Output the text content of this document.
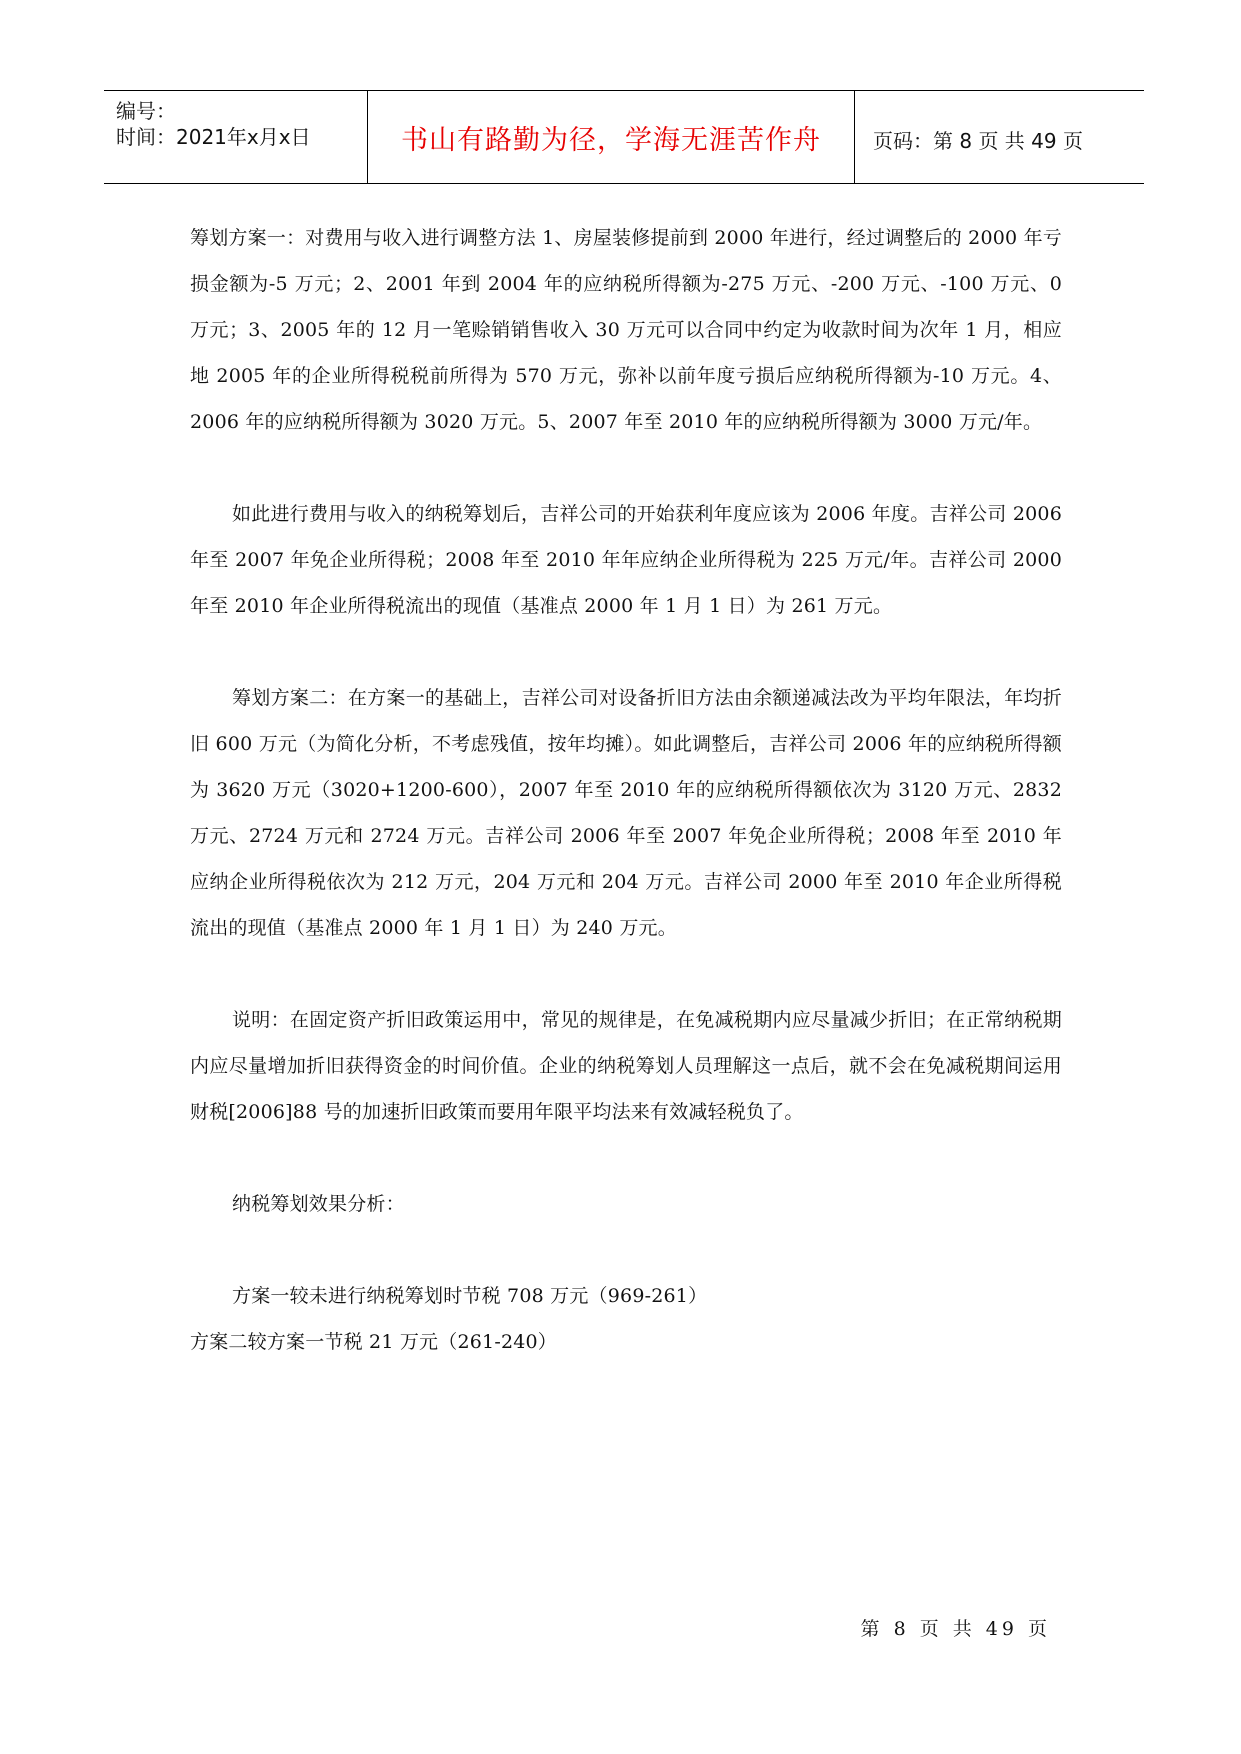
编号：
时间：2021年x月x日	书山有路勤为径，学海无涯苦作舟	页码：第 8 页 共 49 页

筹划方案一：对费用与收入进行调整方法 1、房屋装修提前到 2000 年进行，经过调整后的 2000 年亏损金额为-5 万元；2、2001 年到 2004 年的应纳税所得额为-275 万元、-200 万元、-100 万元、0 万元；3、2005 年的 12 月一笔赊销销售收入 30 万元可以合同中约定为收款时间为次年 1 月，相应地 2005 年的企业所得税税前所得为 570 万元，弥补以前年度亏损后应纳税所得额为-10 万元。4、2006 年的应纳税所得额为 3020 万元。5、2007 年至 2010 年的应纳税所得额为 3000 万元/年。

如此进行费用与收入的纳税筹划后，吉祥公司的开始获利年度应该为 2006 年度。吉祥公司 2006 年至 2007 年免企业所得税；2008 年至 2010 年年应纳企业所得税为 225 万元/年。吉祥公司 2000 年至 2010 年企业所得税流出的现值（基准点 2000 年 1 月 1 日）为 261 万元。

筹划方案二：在方案一的基础上，吉祥公司对设备折旧方法由余额递减法改为平均年限法，年均折旧 600 万元（为简化分析，不考虑残值，按年均摊）。如此调整后，吉祥公司 2006 年的应纳税所得额为 3620 万元（3020+1200-600），2007 年至 2010 年的应纳税所得额依次为 3120 万元、2832 万元、2724 万元和 2724 万元。吉祥公司 2006 年至 2007 年免企业所得税；2008 年至 2010 年应纳企业所得税依次为 212 万元，204 万元和 204 万元。吉祥公司 2000 年至 2010 年企业所得税流出的现值（基准点 2000 年 1 月 1 日）为 240 万元。

说明：在固定资产折旧政策运用中，常见的规律是，在免减税期内应尽量减少折旧；在正常纳税期内应尽量增加折旧获得资金的时间价值。企业的纳税筹划人员理解这一点后，就不会在免减税期间运用财税[2006]88 号的加速折旧政策而要用年限平均法来有效减轻税负了。

纳税筹划效果分析：

方案一较未进行纳税筹划时节税 708 万元（969-261）

方案二较方案一节税 21 万元（261-240）

第 8 页 共 49 页
